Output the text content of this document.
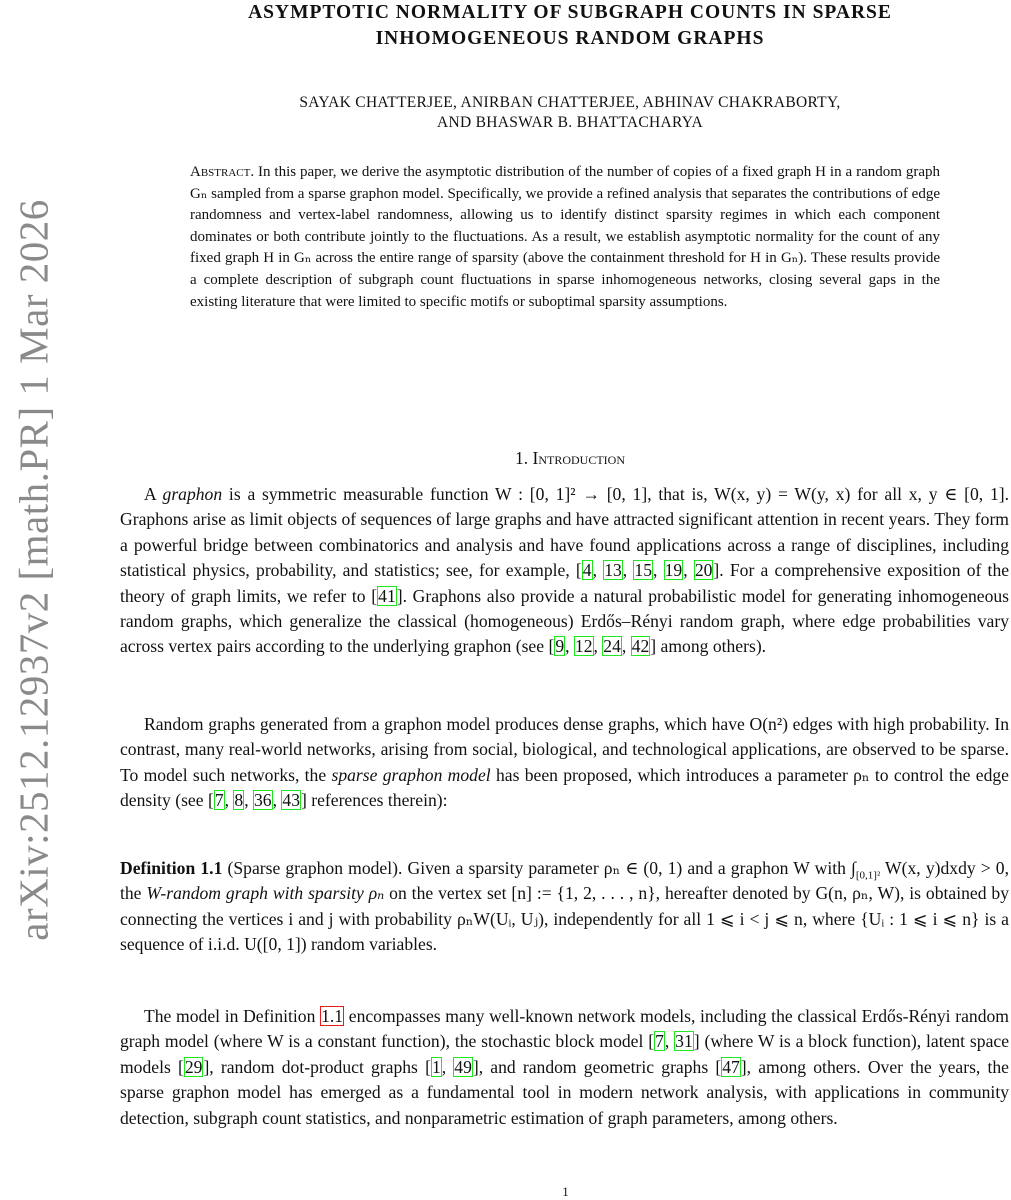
arXiv:2512.12937v2 [math.PR] 1 Mar 2026
ASYMPTOTIC NORMALITY OF SUBGRAPH COUNTS IN SPARSE
INHOMOGENEOUS RANDOM GRAPHS
SAYAK CHATTERJEE, ANIRBAN CHATTERJEE, ABHINAV CHAKRABORTY,
AND BHASWAR B. BHATTACHARYA
Abstract. In this paper, we derive the asymptotic distribution of the number of copies of a fixed graph H in a random graph Gₙ sampled from a sparse graphon model. Specifically, we provide a refined analysis that separates the contributions of edge randomness and vertex-label randomness, allowing us to identify distinct sparsity regimes in which each component dominates or both contribute jointly to the fluctuations. As a result, we establish asymptotic normality for the count of any fixed graph H in Gₙ across the entire range of sparsity (above the containment threshold for H in Gₙ). These results provide a complete description of subgraph count fluctuations in sparse inhomogeneous networks, closing several gaps in the existing literature that were limited to specific motifs or suboptimal sparsity assumptions.
1. Introduction

A graphon is a symmetric measurable function W : [0, 1]² → [0, 1], that is, W(x, y) = W(y, x) for all x, y ∈ [0, 1]. Graphons arise as limit objects of sequences of large graphs and have attracted significant attention in recent years. They form a powerful bridge between combinatorics and analysis and have found applications across a range of disciplines, including statistical physics, probability, and statistics; see, for example, [4, 13, 15, 19, 20]. For a comprehensive exposition of the theory of graph limits, we refer to [41]. Graphons also provide a natural probabilistic model for generating inhomogeneous random graphs, which generalize the classical (homogeneous) Erdős–Rényi random graph, where edge probabilities vary across vertex pairs according to the underlying graphon (see [9, 12, 24, 42] among others).

Random graphs generated from a graphon model produces dense graphs, which have O(n²) edges with high probability. In contrast, many real-world networks, arising from social, biological, and technological applications, are observed to be sparse. To model such networks, the sparse graphon model has been proposed, which introduces a parameter ρₙ to control the edge density (see [7, 8, 36, 43] references therein):

Definition 1.1 (Sparse graphon model). Given a sparsity parameter ρₙ ∈ (0, 1) and a graphon W with $\int_{[0,1]^2}$ W(x, y)dxdy > 0, the W-random graph with sparsity ρₙ on the vertex set [n] := {1, 2, . . . , n}, hereafter denoted by G(n, ρₙ, W), is obtained by connecting the vertices i and j with probability ρₙW(Uᵢ, Uⱼ), independently for all 1 ⩽ i < j ⩽ n, where {Uᵢ : 1 ⩽ i ⩽ n} is a sequence of i.i.d. U([0, 1]) random variables.

The model in Definition 1.1 encompasses many well-known network models, including the classical Erdős-Rényi random graph model (where W is a constant function), the stochastic block model [7, 31] (where W is a block function), latent space models [29], random dot-product graphs [1, 49], and random geometric graphs [47], among others. Over the years, the sparse graphon model has emerged as a fundamental tool in modern network analysis, with applications in community detection, subgraph count statistics, and nonparametric estimation of graph parameters, among others.

1
